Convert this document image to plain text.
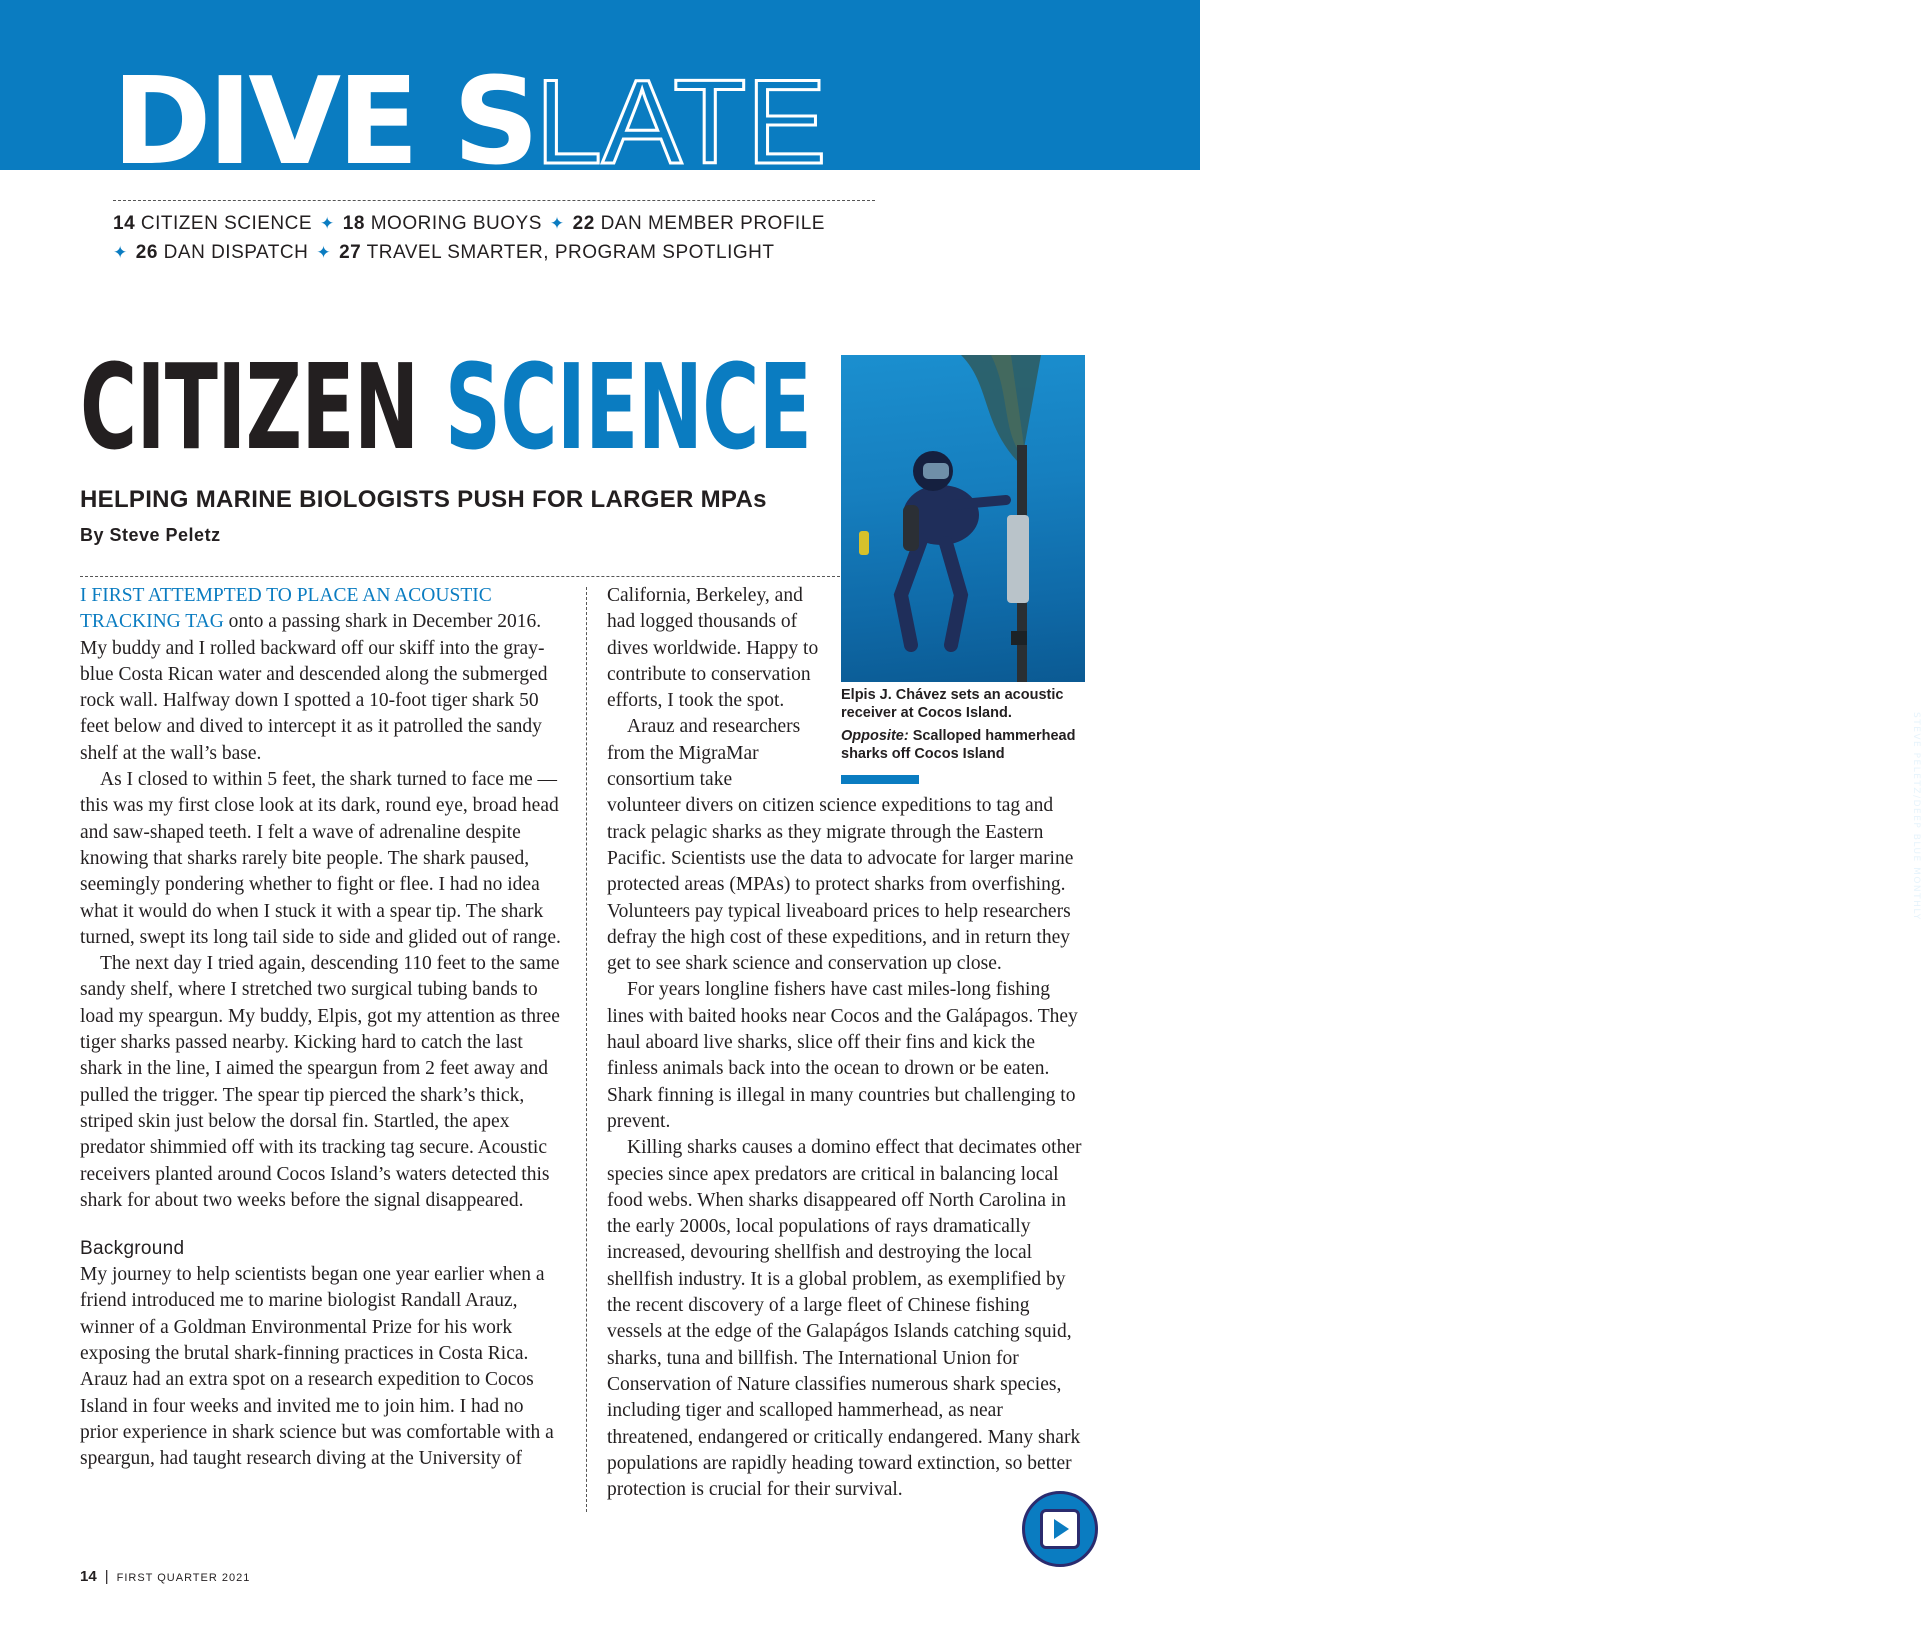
DIVE SLATE
14 CITIZEN SCIENCE ✦ 18 MOORING BUOYS ✦ 22 DAN MEMBER PROFILE
✦ 26 DAN DISPATCH ✦ 27 TRAVEL SMARTER, PROGRAM SPOTLIGHT
CITIZEN SCIENCE
HELPING MARINE BIOLOGISTS PUSH FOR LARGER MPAs
By Steve Peletz
STEVE PELETZ/DEEP BLUE MONTHLY

Elpis J. Chávez sets an acoustic receiver at Cocos Island.

Opposite: Scalloped hammerhead sharks off Cocos Island

I FIRST ATTEMPTED TO PLACE AN ACOUSTIC TRACKING TAG onto a passing shark in December 2016. My buddy and I rolled backward off our skiff into the gray-blue Costa Rican water and descended along the submerged rock wall. Halfway down I spotted a 10-foot tiger shark 50 feet below and dived to intercept it as it patrolled the sandy shelf at the wall’s base.

As I closed to within 5 feet, the shark turned to face me — this was my first close look at its dark, round eye, broad head and saw-shaped teeth. I felt a wave of adrenaline despite knowing that sharks rarely bite people. The shark paused, seemingly pondering whether to fight or flee. I had no idea what it would do when I stuck it with a spear tip. The shark turned, swept its long tail side to side and glided out of range.

The next day I tried again, descending 110 feet to the same sandy shelf, where I stretched two surgical tubing bands to load my speargun. My buddy, Elpis, got my attention as three tiger sharks passed nearby. Kicking hard to catch the last shark in the line, I aimed the speargun from 2 feet away and pulled the trigger. The spear tip pierced the shark’s thick, striped skin just below the dorsal fin. Startled, the apex predator shimmied off with its tracking tag secure. Acoustic receivers planted around Cocos Island’s waters detected this shark for about two weeks before the signal disappeared.

Background

My journey to help scientists began one year earlier when a friend introduced me to marine biologist Randall Arauz, winner of a Goldman Environmental Prize for his work exposing the brutal shark-finning practices in Costa Rica. Arauz had an extra spot on a research expedition to Cocos Island in four weeks and invited me to join him. I had no prior experience in shark science but was comfortable with a speargun, had taught research diving at the University of

California, Berkeley, and had logged thousands of dives worldwide. Happy to contribute to conservation efforts, I took the spot.

Arauz and researchers from the MigraMar consortium take

volunteer divers on citizen science expeditions to tag and track pelagic sharks as they migrate through the Eastern Pacific. Scientists use the data to advocate for larger marine protected areas (MPAs) to protect sharks from overfishing. Volunteers pay typical liveaboard prices to help researchers defray the high cost of these expeditions, and in return they get to see shark science and conservation up close.

For years longline fishers have cast miles-long fishing lines with baited hooks near Cocos and the Galápagos. They haul aboard live sharks, slice off their fins and kick the finless animals back into the ocean to drown or be eaten. Shark finning is illegal in many countries but challenging to prevent.

Killing sharks causes a domino effect that decimates other species since apex predators are critical in balancing local food webs. When sharks disappeared off North Carolina in the early 2000s, local populations of rays dramatically increased, devouring shellfish and destroying the local shellfish industry. It is a global problem, as exemplified by the recent discovery of a large fleet of Chinese fishing vessels at the edge of the Galapágos Islands catching squid, sharks, tuna and billfish. The International Union for Conservation of Nature classifies numerous shark species, including tiger and scalloped hammerhead, as near threatened, endangered or critically endangered. Many shark populations are rapidly heading toward extinction, so better protection is crucial for their survival.

14 | FIRST QUARTER 2021
